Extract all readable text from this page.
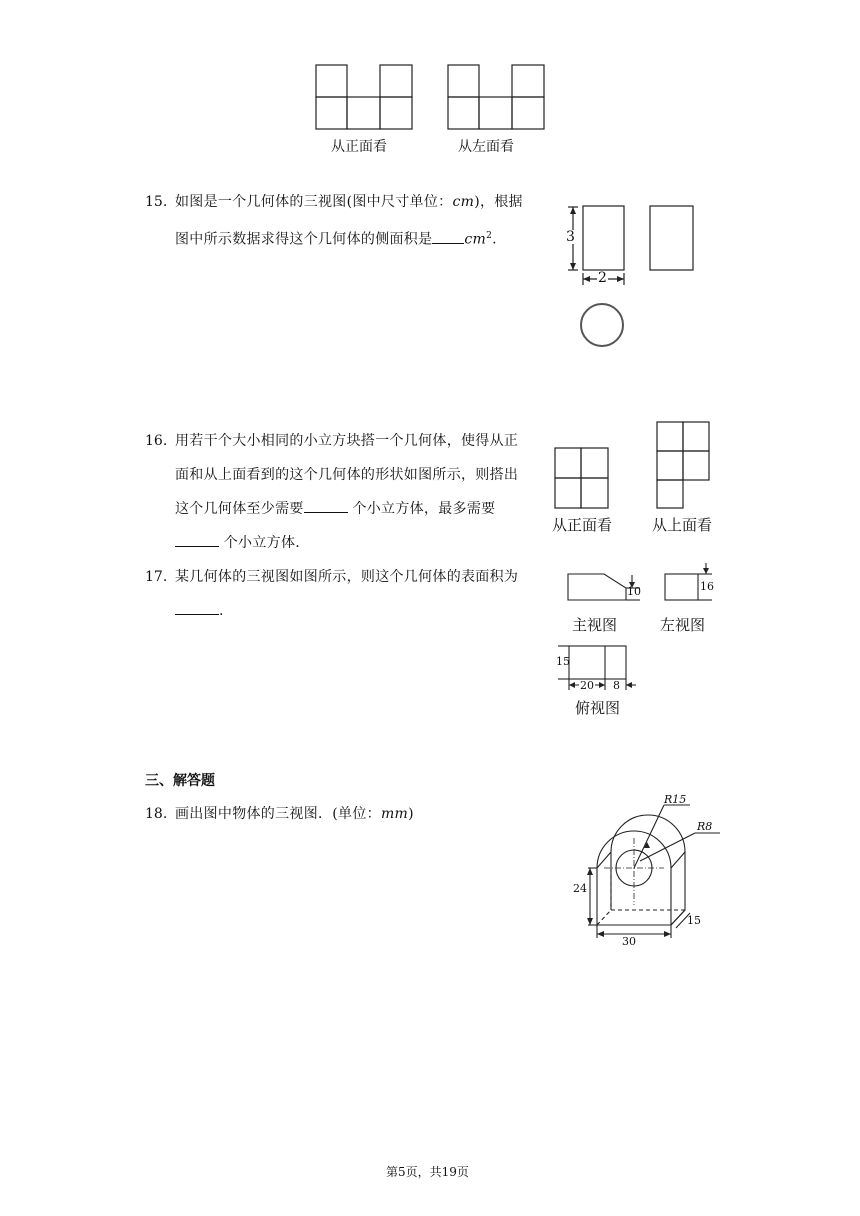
从正面看	从左面看
15. 如图是一个几何体的三视图(图中尺寸单位：cm)，根据
图中所示数据求得这个几何体的侧面积是 $cm^2$.	3
2
16. 用若干个大小相同的小立方块搭一个几何体，使得从正
面和从上面看到的这个几何体的形状如图所示，则搭出
这个几何体至少需要	个小立方体，最多需要
个小立方体.
从正面看	从上面看
17. 某几何体的三视图如图所示，则这个几何体的表面积为
.
10	16
15
20 8
主视图	左视图
俯视图
三、解答题
18. 画出图中物体的三视图．(单位：mm)
R15
R8
24
15
30
第5页，共19页
